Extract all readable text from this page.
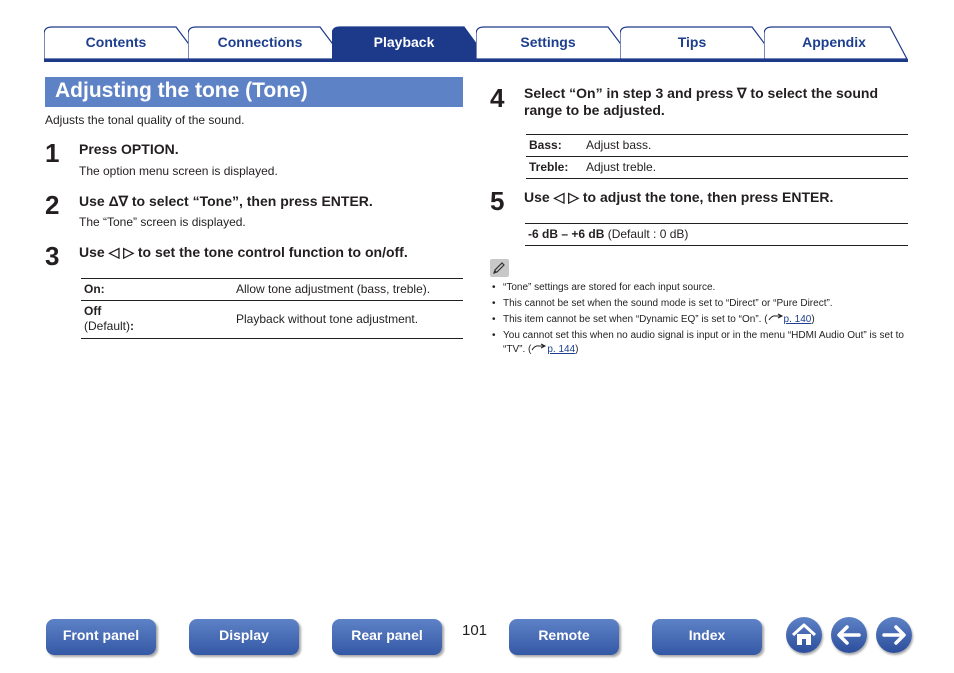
Contents	Connections	Playback	Settings	Tips	Appendix
Adjusting the tone (Tone)
Adjusts the tonal quality of the sound.
1 Press OPTION.
The option menu screen is displayed.
2 Use Δ∇ to select “Tone”, then press ENTER.
The “Tone” screen is displayed.
3 Use ◁ ▷ to set the tone control function to on/off.
On:	Allow tone adjustment (bass, treble).
Off
(Default):	Playback without tone adjustment.
4 Select “On” in step 3 and press ∇ to select the sound range to be adjusted.
Bass:	Adjust bass.
Treble:	Adjust treble.
5 Use ◁ ▷ to adjust the tone, then press ENTER.
-6 dB – +6 dB (Default : 0 dB)
• “Tone” settings are stored for each input source.
• This cannot be set when the sound mode is set to “Direct” or “Pure Direct”.
• This item cannot be set when “Dynamic EQ” is set to “On”. ( p. 140)
• You cannot set this when no audio signal is input or in the menu “HDMI Audio Out” is set to “TV”. ( p. 144)
Front panel	Display	Rear panel	101	Remote	Index
